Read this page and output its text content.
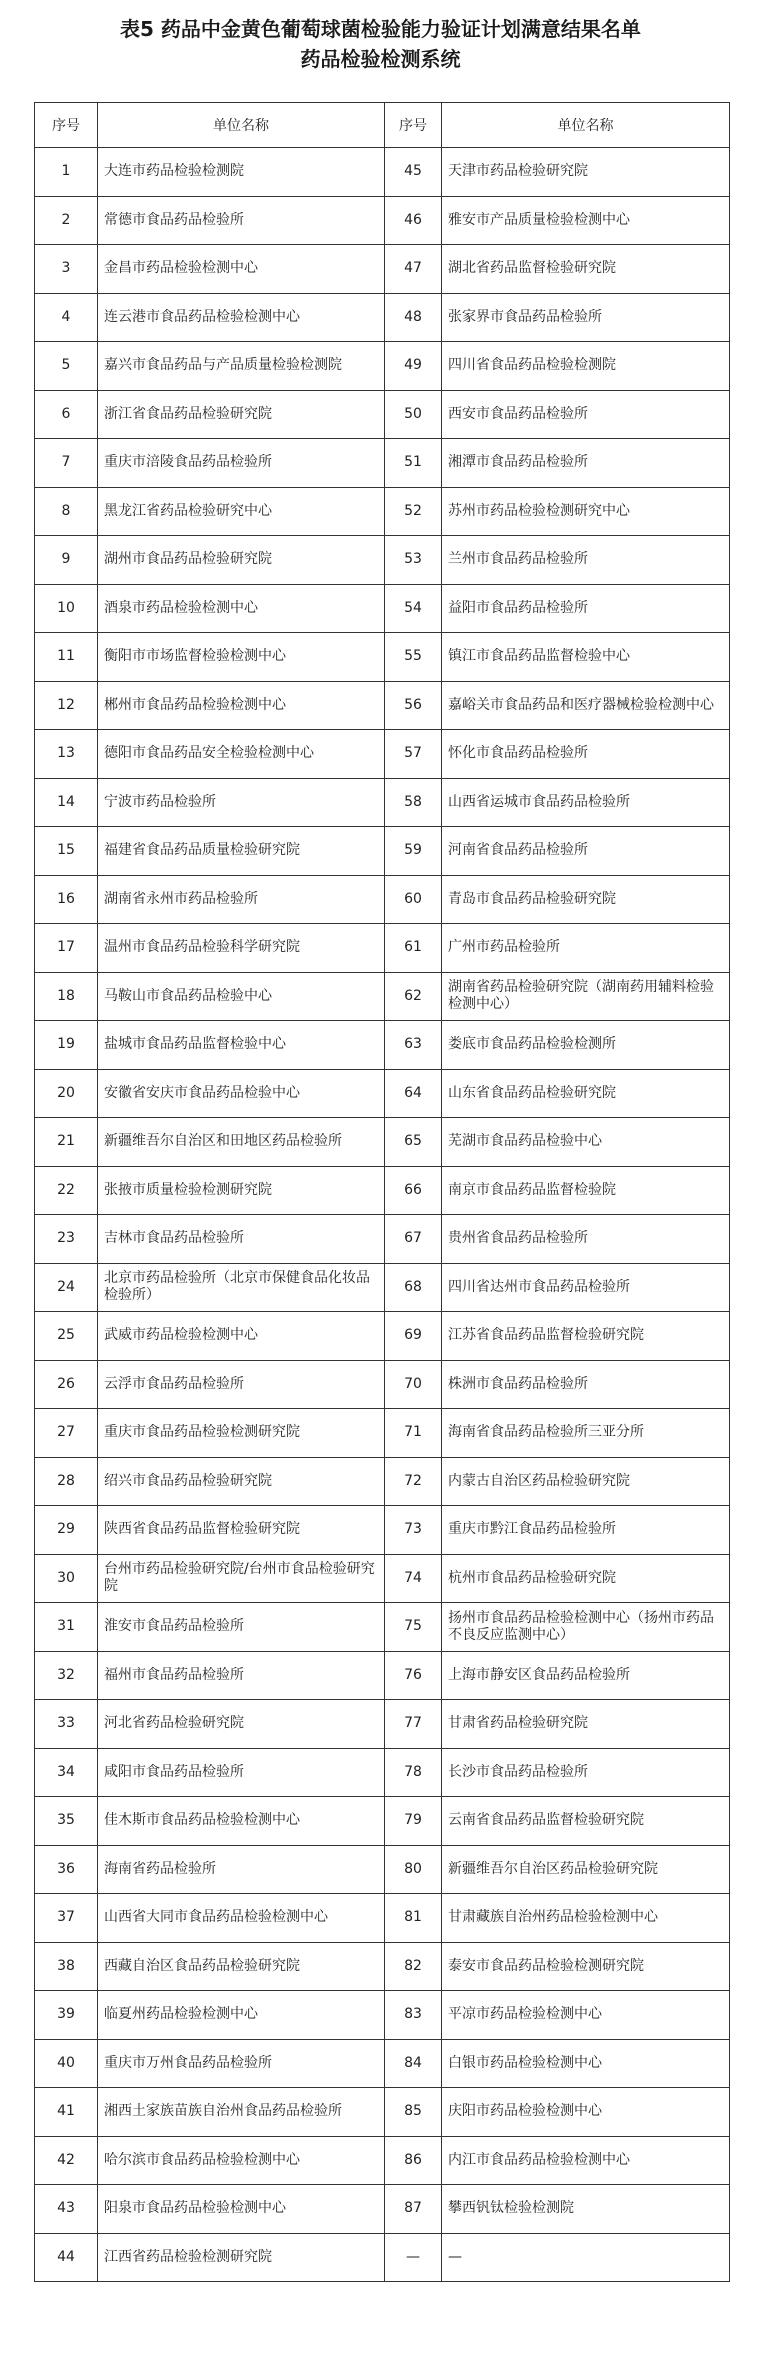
表5 药品中金黄色葡萄球菌检验能力验证计划满意结果名单
药品检验检测系统
序号	单位名称	序号	单位名称
1	大连市药品检验检测院	45	天津市药品检验研究院
2	常德市食品药品检验所	46	雅安市产品质量检验检测中心
3	金昌市药品检验检测中心	47	湖北省药品监督检验研究院
4	连云港市食品药品检验检测中心	48	张家界市食品药品检验所
5	嘉兴市食品药品与产品质量检验检测院	49	四川省食品药品检验检测院
6	浙江省食品药品检验研究院	50	西安市食品药品检验所
7	重庆市涪陵食品药品检验所	51	湘潭市食品药品检验所
8	黑龙江省药品检验研究中心	52	苏州市药品检验检测研究中心
9	湖州市食品药品检验研究院	53	兰州市食品药品检验所
10	酒泉市药品检验检测中心	54	益阳市食品药品检验所
11	衡阳市市场监督检验检测中心	55	镇江市食品药品监督检验中心
12	郴州市食品药品检验检测中心	56	嘉峪关市食品药品和医疗器械检验检测中心
13	德阳市食品药品安全检验检测中心	57	怀化市食品药品检验所
14	宁波市药品检验所	58	山西省运城市食品药品检验所
15	福建省食品药品质量检验研究院	59	河南省食品药品检验所
16	湖南省永州市药品检验所	60	青岛市食品药品检验研究院
17	温州市食品药品检验科学研究院	61	广州市药品检验所
18	马鞍山市食品药品检验中心	62	湖南省药品检验研究院（湖南药用辅料检验检测中心）
19	盐城市食品药品监督检验中心	63	娄底市食品药品检验检测所
20	安徽省安庆市食品药品检验中心	64	山东省食品药品检验研究院
21	新疆维吾尔自治区和田地区药品检验所	65	芜湖市食品药品检验中心
22	张掖市质量检验检测研究院	66	南京市食品药品监督检验院
23	吉林市食品药品检验所	67	贵州省食品药品检验所
24	北京市药品检验所（北京市保健食品化妆品检验所）	68	四川省达州市食品药品检验所
25	武威市药品检验检测中心	69	江苏省食品药品监督检验研究院
26	云浮市食品药品检验所	70	株洲市食品药品检验所
27	重庆市食品药品检验检测研究院	71	海南省食品药品检验所三亚分所
28	绍兴市食品药品检验研究院	72	内蒙古自治区药品检验研究院
29	陕西省食品药品监督检验研究院	73	重庆市黔江食品药品检验所
30	台州市药品检验研究院/台州市食品检验研究院	74	杭州市食品药品检验研究院
31	淮安市食品药品检验所	75	扬州市食品药品检验检测中心（扬州市药品不良反应监测中心）
32	福州市食品药品检验所	76	上海市静安区食品药品检验所
33	河北省药品检验研究院	77	甘肃省药品检验研究院
34	咸阳市食品药品检验所	78	长沙市食品药品检验所
35	佳木斯市食品药品检验检测中心	79	云南省食品药品监督检验研究院
36	海南省药品检验所	80	新疆维吾尔自治区药品检验研究院
37	山西省大同市食品药品检验检测中心	81	甘肃藏族自治州药品检验检测中心
38	西藏自治区食品药品检验研究院	82	泰安市食品药品检验检测研究院
39	临夏州药品检验检测中心	83	平凉市药品检验检测中心
40	重庆市万州食品药品检验所	84	白银市药品检验检测中心
41	湘西土家族苗族自治州食品药品检验所	85	庆阳市药品检验检测中心
42	哈尔滨市食品药品检验检测中心	86	内江市食品药品检验检测中心
43	阳泉市食品药品检验检测中心	87	攀西钒钛检验检测院
44	江西省药品检验检测研究院	—	—
